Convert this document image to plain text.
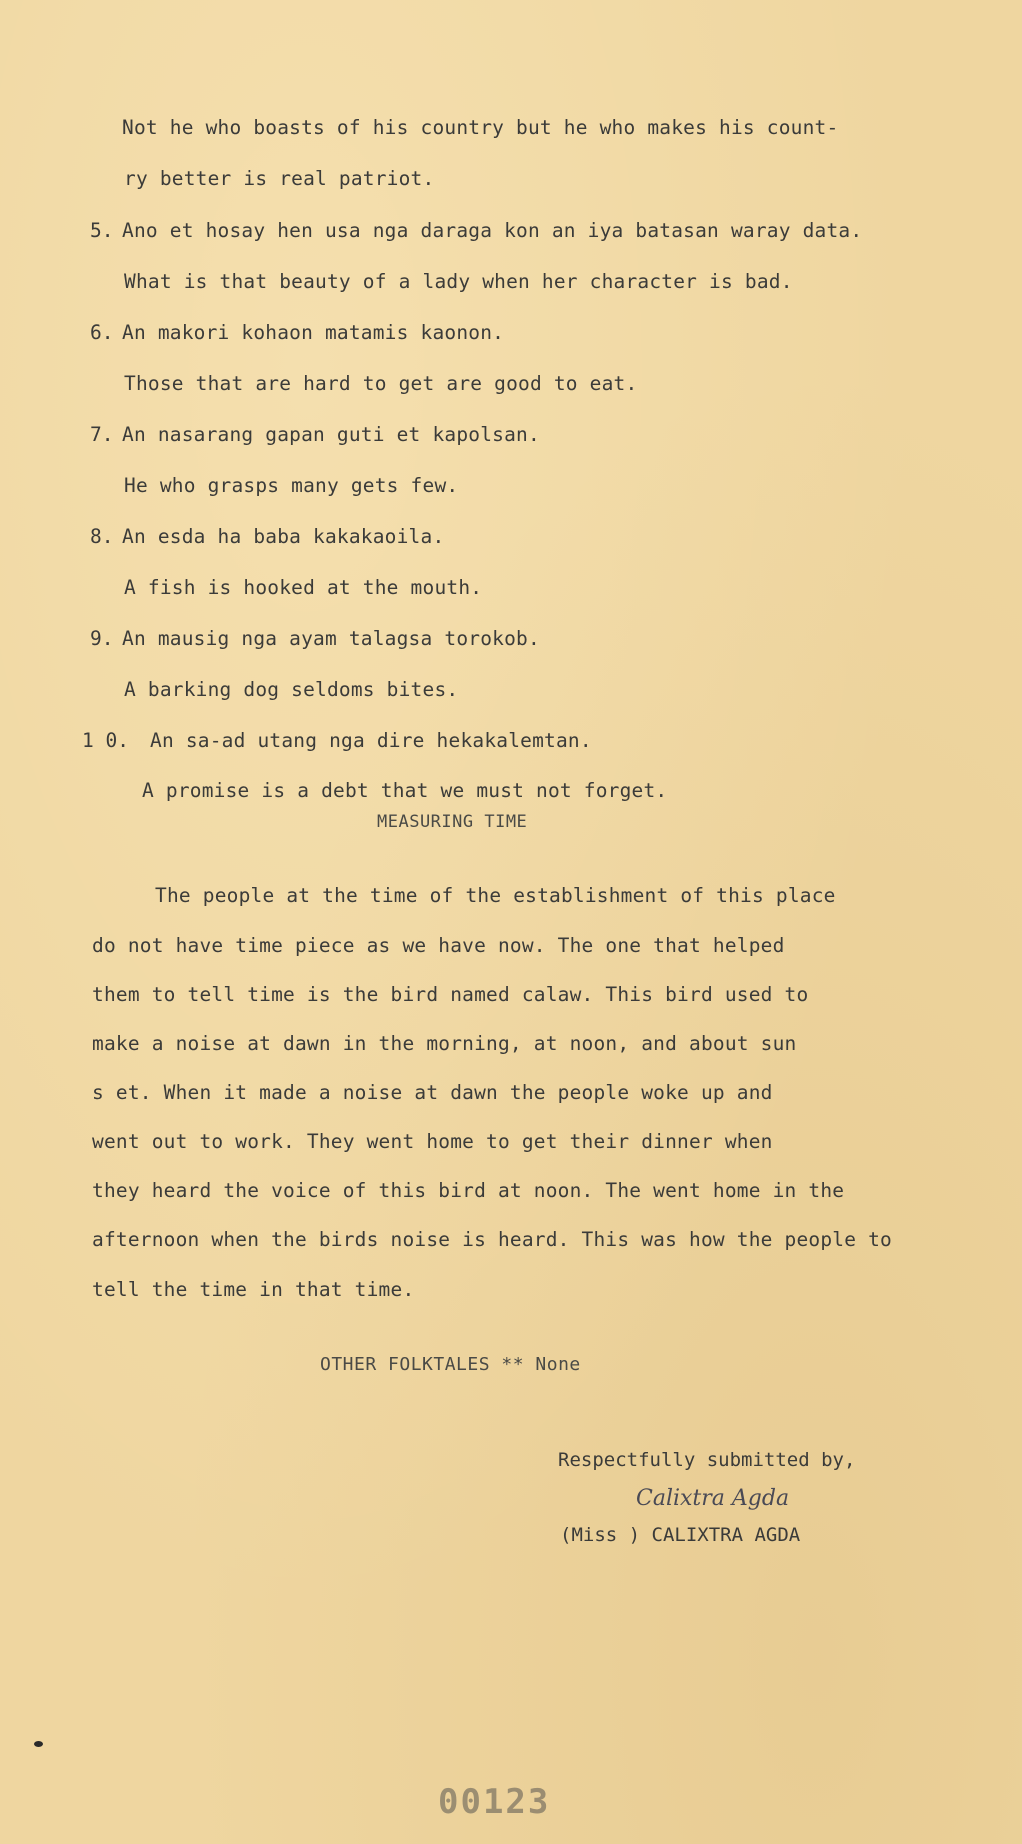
Not he who boasts of his country but he who makes his count-
ry better is real patriot.
5. Ano et hosay hen usa nga daraga kon an iya batasan waray data.
What is that beauty of a lady when her character is bad.
6. An makori kohaon matamis kaonon.
Those that are hard to get are good to eat.
7. An nasarang gapan guti et kapolsan.
He who grasps many gets few.
8. An esda ha baba kakakaoila.
A fish is hooked at the mouth.
9. An mausig nga ayam talagsa torokob.
A barking dog seldoms bites.
1 0. An sa-ad utang nga dire hekakalemtan.
A promise is a debt that we must not forget.
MEASURING TIME
The people at the time of the establishment of this place
do not have time piece as we have now. The one that helped
them to tell time is the bird named calaw. This bird used to
make a noise at dawn in the morning, at noon, and about sun
s et. When it made a noise at dawn the people woke up and
went out to work. They went home to get their dinner when
they heard the voice of this bird at noon. The went home in the
afternoon when the birds noise is heard. This was how the people to
tell the time in that time.
OTHER FOLKTALES ** None
Respectfully submitted by,
Calixtra Agda
(Miss ) CALIXTRA AGDA
00123
